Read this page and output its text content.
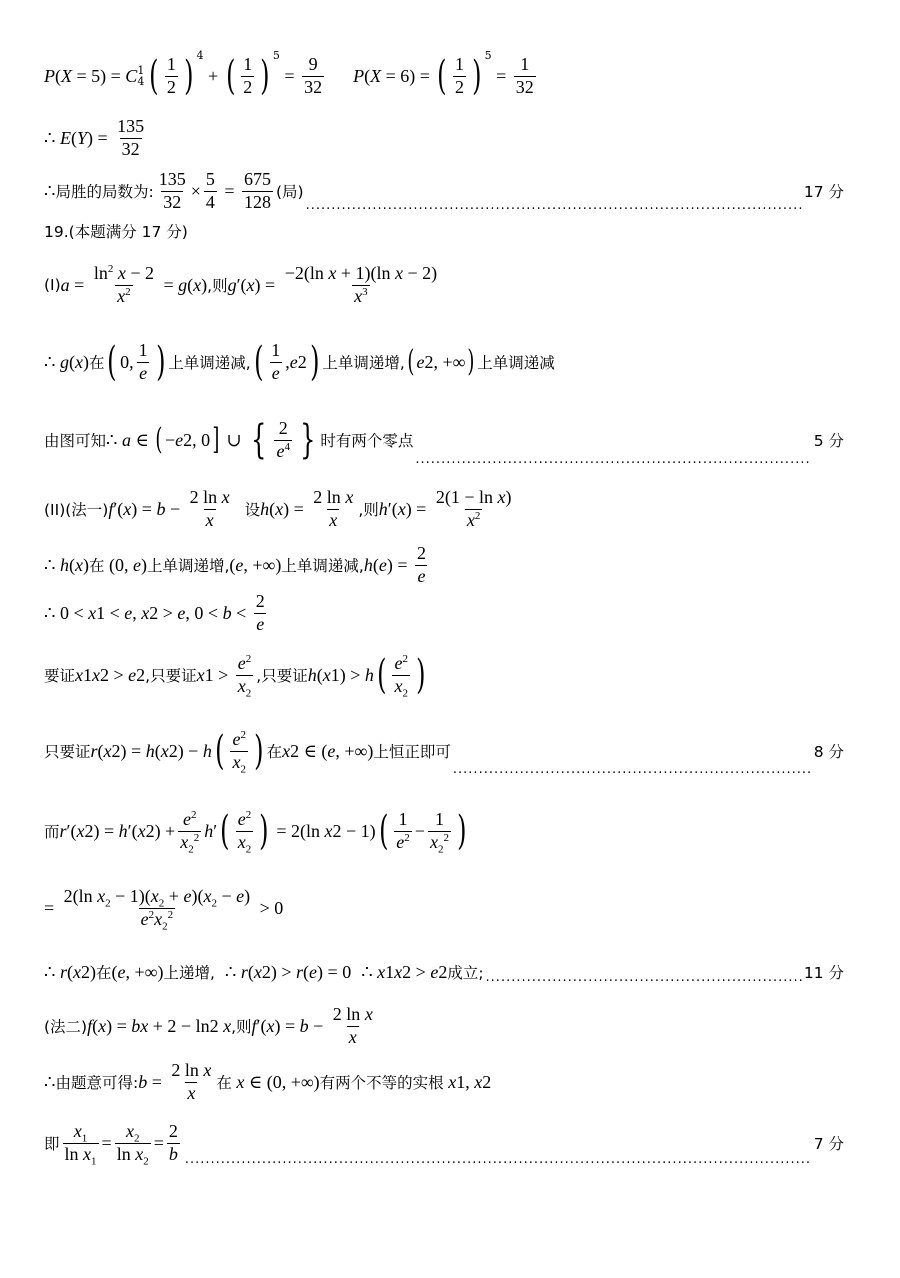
P ( X = 5) = C 1
4 ( $\frac{1}{2}$ ) 4
+ ( $\frac{1}{2}$ ) 5
= $\frac{9}{32}$ P ( X = 6) = ( $\frac{1}{2}$ ) 5
= $\frac{1}{32}$
∴ E ( Y ) = $\frac{135}{32}$
∴ 局胜的局数为: $\frac{135}{32} \times \frac{5}{4} = \frac{675}{128}$ (局)
.....	17 分
19.(本题满分 17 分)
(I) $a = \frac{\ln^2 x - 2}{x^2} = g$ ( x ) ,则 g ′ ( x ) = $\frac{\text{−2(ln x + 1)(ln x − 2)}}{x^3}$
∴ g ( x ) 在 ( 0, $\frac{1}{e}$ ) 上单调递减, ( $\frac{1}{e}$ , e 2 ) 上单调递增, ( e 2 , +∞ ) 上单调递减
由图可知 ∴ a ∈ ( − e 2 , 0 ] ∪ { $\frac{2}{e^4}$ } 时有两个零点
.....	5 分
(II)(法一) f ′ ( x ) = $b - \frac{\text{2 ln x}}{x}$ 设 h ( x ) = $\frac{\text{2 ln x}}{x}$ ,则 h ′ ( x ) = $\frac{\text{2(1 − ln x)}}{x^2}$
∴ h ( x ) 在 (0, e ) 上单调递增, ( e , +∞) 上单调递减, h ( e ) = $\frac{2}{e}$
∴ 0 < x 1 < e , x 2 > e , $0 < b < \frac{2}{e}$
要证 x 1 x 2 > e 2 ,只要证 x $1 > \frac{e^2}{x_2}$ ,只要证 h ( x 1 ) > h ( $\frac{e^2}{x_2}$ )
只要证 r ( x 2 ) = h ( x 2 ) − h ( $\frac{e^2}{x_2}$ ) 在 x 2 ∈ ( e , +∞) 上恒正即可
.....	8 分
而 r ′ ( x 2 ) = h ′ ( x 2 ) + $\frac{e^2}{x_2^2}$ h ′ ( $\frac{e^2}{x_2}$ ) = 2(ln x 2 − 1) ( $\frac{1}{e^2} - \frac{1}{x_2^2}$ )
= $\frac{2(\ln x_2 - 1)(x_2 + e)(x_2 - e)}{e^2x_2^2} > 0$
∴ r ( x 2 ) 在 ( e , +∞) 上递增, ∴ r ( x 2 ) > r ( e ) = 0 ∴ x 1 x 2 > e 2 成立;
.....	11 分
(法二) f ( x ) = bx + 2 − ln 2 x ,则 f ′ ( x ) = $b - \frac{\text{2 ln x}}{x}$
∴ 由题意可得: $b = \frac{\text{2 ln x}}{x}$ 在 x ∈ (0, +∞) 有两个不等的实根 x 1 , x 2
即 $\frac{x_1}{\ln x_1} = \frac{x_2}{\ln x_2} = \frac{2}{b}$
.....	7 分
